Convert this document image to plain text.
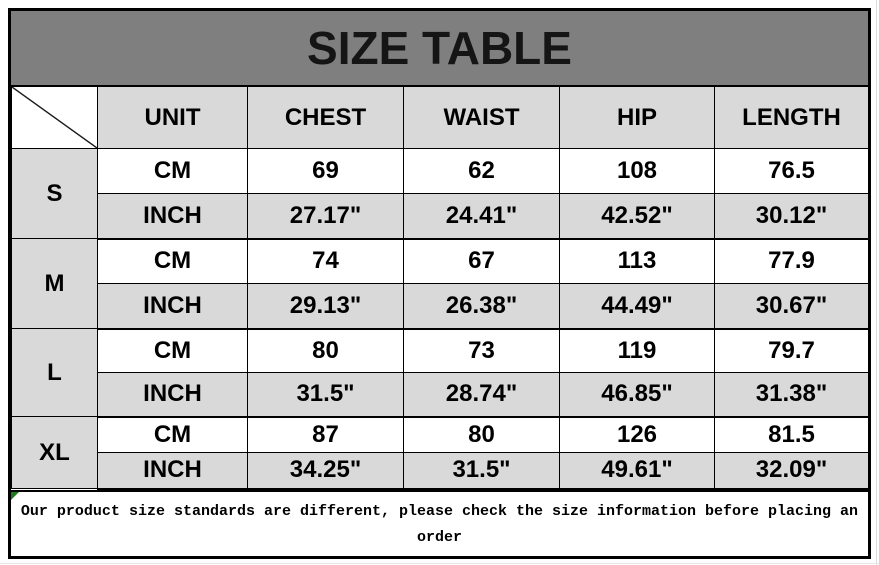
SIZE TABLE
	UNIT	CHEST	WAIST	HIP	LENGTH
S	CM	69	62	108	76.5
	INCH	27.17"	24.41"	42.52"	30.12"
M	CM	74	67	113	77.9
	INCH	29.13"	26.38"	44.49"	30.67"
L	CM	80	73	119	79.7
	INCH	31.5"	28.74"	46.85"	31.38"
XL	CM	87	80	126	81.5
	INCH	34.25"	31.5"	49.61"	32.09"
Our product size standards are different, please check the size information before placing an order
